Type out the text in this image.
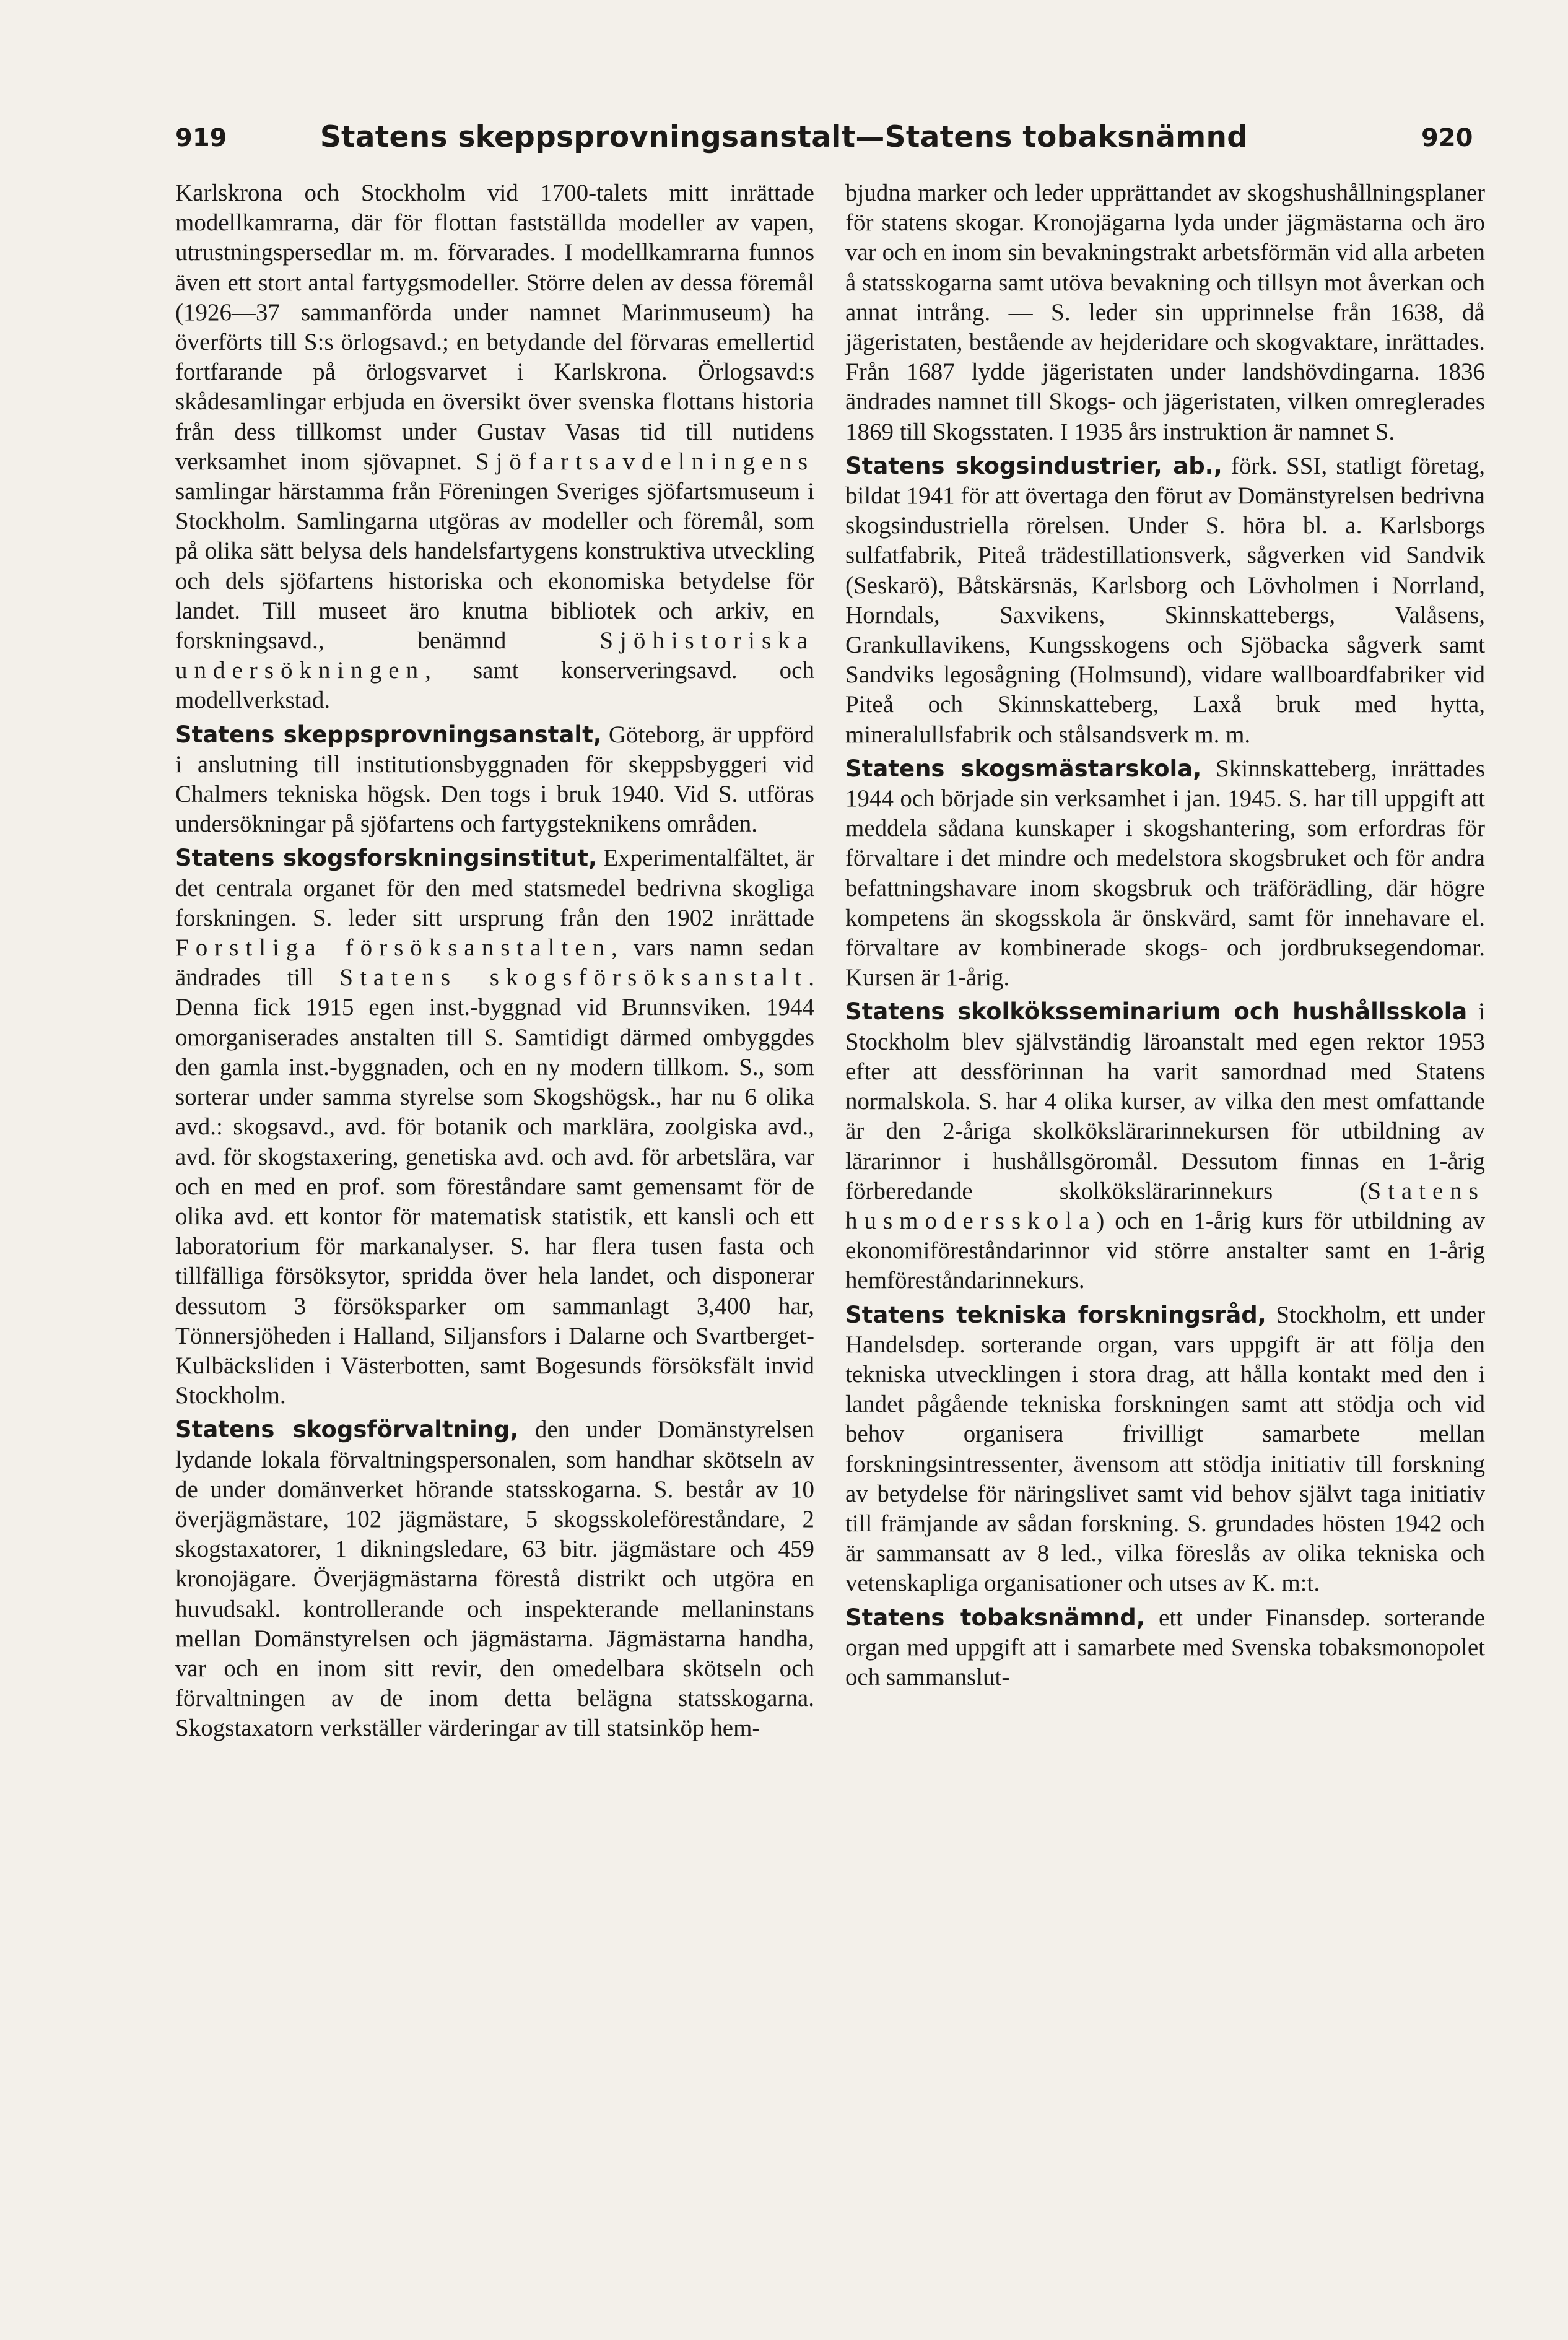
919	Statens skeppsprovningsanstalt—Statens tobaksnämnd	920

Karlskrona och Stockholm vid 1700-talets mitt inrättade modellkamrarna, där för flottan fastställda modeller av vapen, utrustningspersedlar m. m. förvarades. I modellkamrarna funnos även ett stort antal fartygsmodeller. Större delen av dessa föremål (1926—37 sammanförda under namnet Marinmuseum) ha överförts till S:s örlogsavd.; en betydande del förvaras emellertid fortfarande på örlogsvarvet i Karlskrona. Örlogsavd:s skådesamlingar erbjuda en översikt över svenska flottans historia från dess tillkomst under Gustav Vasas tid till nutidens verksamhet inom sjövapnet. Sjöfartsavdelningens samlingar härstamma från Föreningen Sveriges sjöfartsmuseum i Stockholm. Samlingarna utgöras av modeller och föremål, som på olika sätt belysa dels handelsfartygens konstruktiva utveckling och dels sjöfartens historiska och ekonomiska betydelse för landet. Till museet äro knutna bibliotek och arkiv, en forskningsavd., benämnd Sjöhistoriska undersökningen, samt konserveringsavd. och modellverkstad.

Statens skeppsprovningsanstalt, Göteborg, är uppförd i anslutning till institutionsbyggnaden för skeppsbyggeri vid Chalmers tekniska högsk. Den togs i bruk 1940. Vid S. utföras undersökningar på sjöfartens och fartygsteknikens områden.

Statens skogsforskningsinstitut, Experimentalfältet, är det centrala organet för den med statsmedel bedrivna skogliga forskningen. S. leder sitt ursprung från den 1902 inrättade Forstliga försöksanstalten, vars namn sedan ändrades till Statens skogsförsöksanstalt. Denna fick 1915 egen inst.-byggnad vid Brunnsviken. 1944 omorganiserades anstalten till S. Samtidigt därmed ombyggdes den gamla inst.-byggnaden, och en ny modern tillkom. S., som sorterar under samma styrelse som Skogshögsk., har nu 6 olika avd.: skogsavd., avd. för botanik och marklära, zoolgiska avd., avd. för skogstaxering, genetiska avd. och avd. för arbetslära, var och en med en prof. som föreståndare samt gemensamt för de olika avd. ett kontor för matematisk statistik, ett kansli och ett laboratorium för markanalyser. S. har flera tusen fasta och tillfälliga försöksytor, spridda över hela landet, och disponerar dessutom 3 försöksparker om sammanlagt 3,400 har, Tönnersjöheden i Halland, Siljansfors i Dalarne och Svartberget-Kulbäcksliden i Västerbotten, samt Bogesunds försöksfält invid Stockholm.

Statens skogsförvaltning, den under Domänstyrelsen lydande lokala förvaltningspersonalen, som handhar skötseln av de under domänverket hörande statsskogarna. S. består av 10 överjägmästare, 102 jägmästare, 5 skogsskoleföreståndare, 2 skogstaxatorer, 1 dikningsledare, 63 bitr. jägmästare och 459 kronojägare. Överjägmästarna förestå distrikt och utgöra en huvudsakl. kontrollerande och inspekterande mellaninstans mellan Domänstyrelsen och jägmästarna. Jägmästarna handha, var och en inom sitt revir, den omedelbara skötseln och förvaltningen av de inom detta belägna statsskogarna. Skogstaxatorn verkställer värderingar av till statsinköp hem-

bjudna marker och leder upprättandet av skogshushållningsplaner för statens skogar. Kronojägarna lyda under jägmästarna och äro var och en inom sin bevakningstrakt arbetsförmän vid alla arbeten å statsskogarna samt utöva bevakning och tillsyn mot åverkan och annat intrång. — S. leder sin upprinnelse från 1638, då jägeristaten, bestående av hejderidare och skogvaktare, inrättades. Från 1687 lydde jägeristaten under landshövdingarna. 1836 ändrades namnet till Skogs- och jägeristaten, vilken omreglerades 1869 till Skogsstaten. I 1935 års instruktion är namnet S.

Statens skogsindustrier, ab., förk. SSI, statligt företag, bildat 1941 för att övertaga den förut av Domänstyrelsen bedrivna skogsindustriella rörelsen. Under S. höra bl. a. Karlsborgs sulfatfabrik, Piteå trädestillationsverk, sågverken vid Sandvik (Seskarö), Båtskärsnäs, Karlsborg och Lövholmen i Norrland, Horndals, Saxvikens, Skinnskattebergs, Valåsens, Grankullavikens, Kungsskogens och Sjöbacka sågverk samt Sandviks legosågning (Holmsund), vidare wallboardfabriker vid Piteå och Skinnskatteberg, Laxå bruk med hytta, mineralullsfabrik och stålsandsverk m. m.

Statens skogsmästarskola, Skinnskatteberg, inrättades 1944 och började sin verksamhet i jan. 1945. S. har till uppgift att meddela sådana kunskaper i skogshantering, som erfordras för förvaltare i det mindre och medelstora skogsbruket och för andra befattningshavare inom skogsbruk och träförädling, där högre kompetens än skogsskola är önskvärd, samt för innehavare el. förvaltare av kombinerade skogs- och jordbruksegendomar. Kursen är 1-årig.

Statens skolköksseminarium och hushållsskola i Stockholm blev självständig läroanstalt med egen rektor 1953 efter att dessförinnan ha varit samordnad med Statens normalskola. S. har 4 olika kurser, av vilka den mest omfattande är den 2-åriga skolkökslärarinnekursen för utbildning av lärarinnor i hushållsgöromål. Dessutom finnas en 1-årig förberedande skolkökslärarinnekurs (Statens husmodersskola) och en 1-årig kurs för utbildning av ekonomiföreståndarinnor vid större anstalter samt en 1-årig hemföreståndarinnekurs.

Statens tekniska forskningsråd, Stockholm, ett under Handelsdep. sorterande organ, vars uppgift är att följa den tekniska utvecklingen i stora drag, att hålla kontakt med den i landet pågående tekniska forskningen samt att stödja och vid behov organisera frivilligt samarbete mellan forskningsintressenter, ävensom att stödja initiativ till forskning av betydelse för näringslivet samt vid behov självt taga initiativ till främjande av sådan forskning. S. grundades hösten 1942 och är sammansatt av 8 led., vilka föreslås av olika tekniska och vetenskapliga organisationer och utses av K. m:t.

Statens tobaksnämnd, ett under Finansdep. sorterande organ med uppgift att i samarbete med Svenska tobaksmonopolet och sammanslut-
